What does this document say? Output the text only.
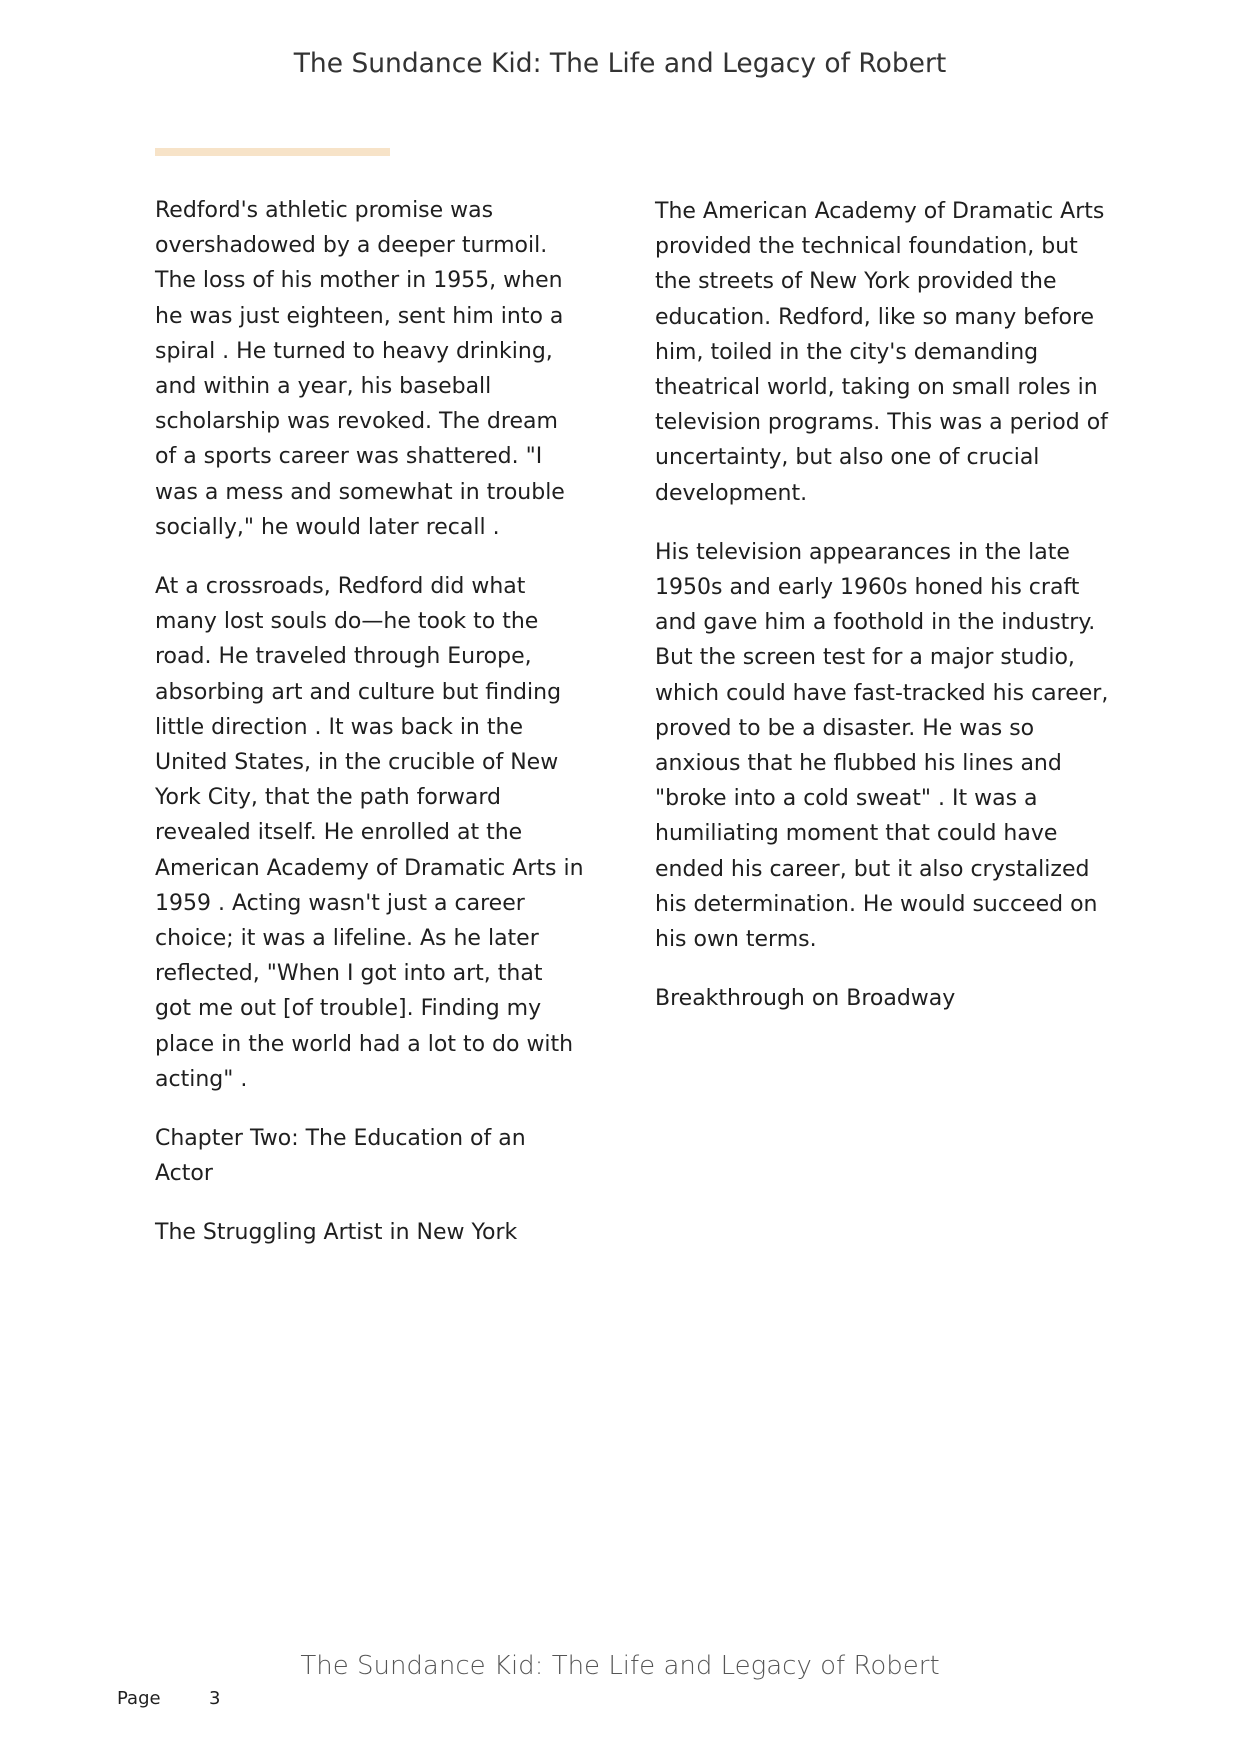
The Sundance Kid: The Life and Legacy of Robert

Redford's athletic promise was overshadowed by a deeper turmoil. The loss of his mother in 1955, when he was just eighteen, sent him into a spiral . He turned to heavy drinking, and within a year, his baseball scholarship was revoked. The dream of a sports career was shattered. "I was a mess and somewhat in trouble socially," he would later recall .

At a crossroads, Redford did what many lost souls do—he took to the road. He traveled through Europe, absorbing art and culture but finding little direction . It was back in the United States, in the crucible of New York City, that the path forward revealed itself. He enrolled at the American Academy of Dramatic Arts in 1959 . Acting wasn't just a career choice; it was a lifeline. As he later reflected, "When I got into art, that got me out [of trouble]. Finding my place in the world had a lot to do with acting" .

Chapter Two: The Education of an Actor

The Struggling Artist in New York

The American Academy of Dramatic Arts provided the technical foundation, but the streets of New York provided the education. Redford, like so many before him, toiled in the city's demanding theatrical world, taking on small roles in television programs. This was a period of uncertainty, but also one of crucial development.

His television appearances in the late 1950s and early 1960s honed his craft and gave him a foothold in the industry. But the screen test for a major studio, which could have fast-tracked his career, proved to be a disaster. He was so anxious that he flubbed his lines and "broke into a cold sweat" . It was a humiliating moment that could have ended his career, but it also crystalized his determination. He would succeed on his own terms.

Breakthrough on Broadway

The Sundance Kid: The Life and Legacy of Robert
Page	3
